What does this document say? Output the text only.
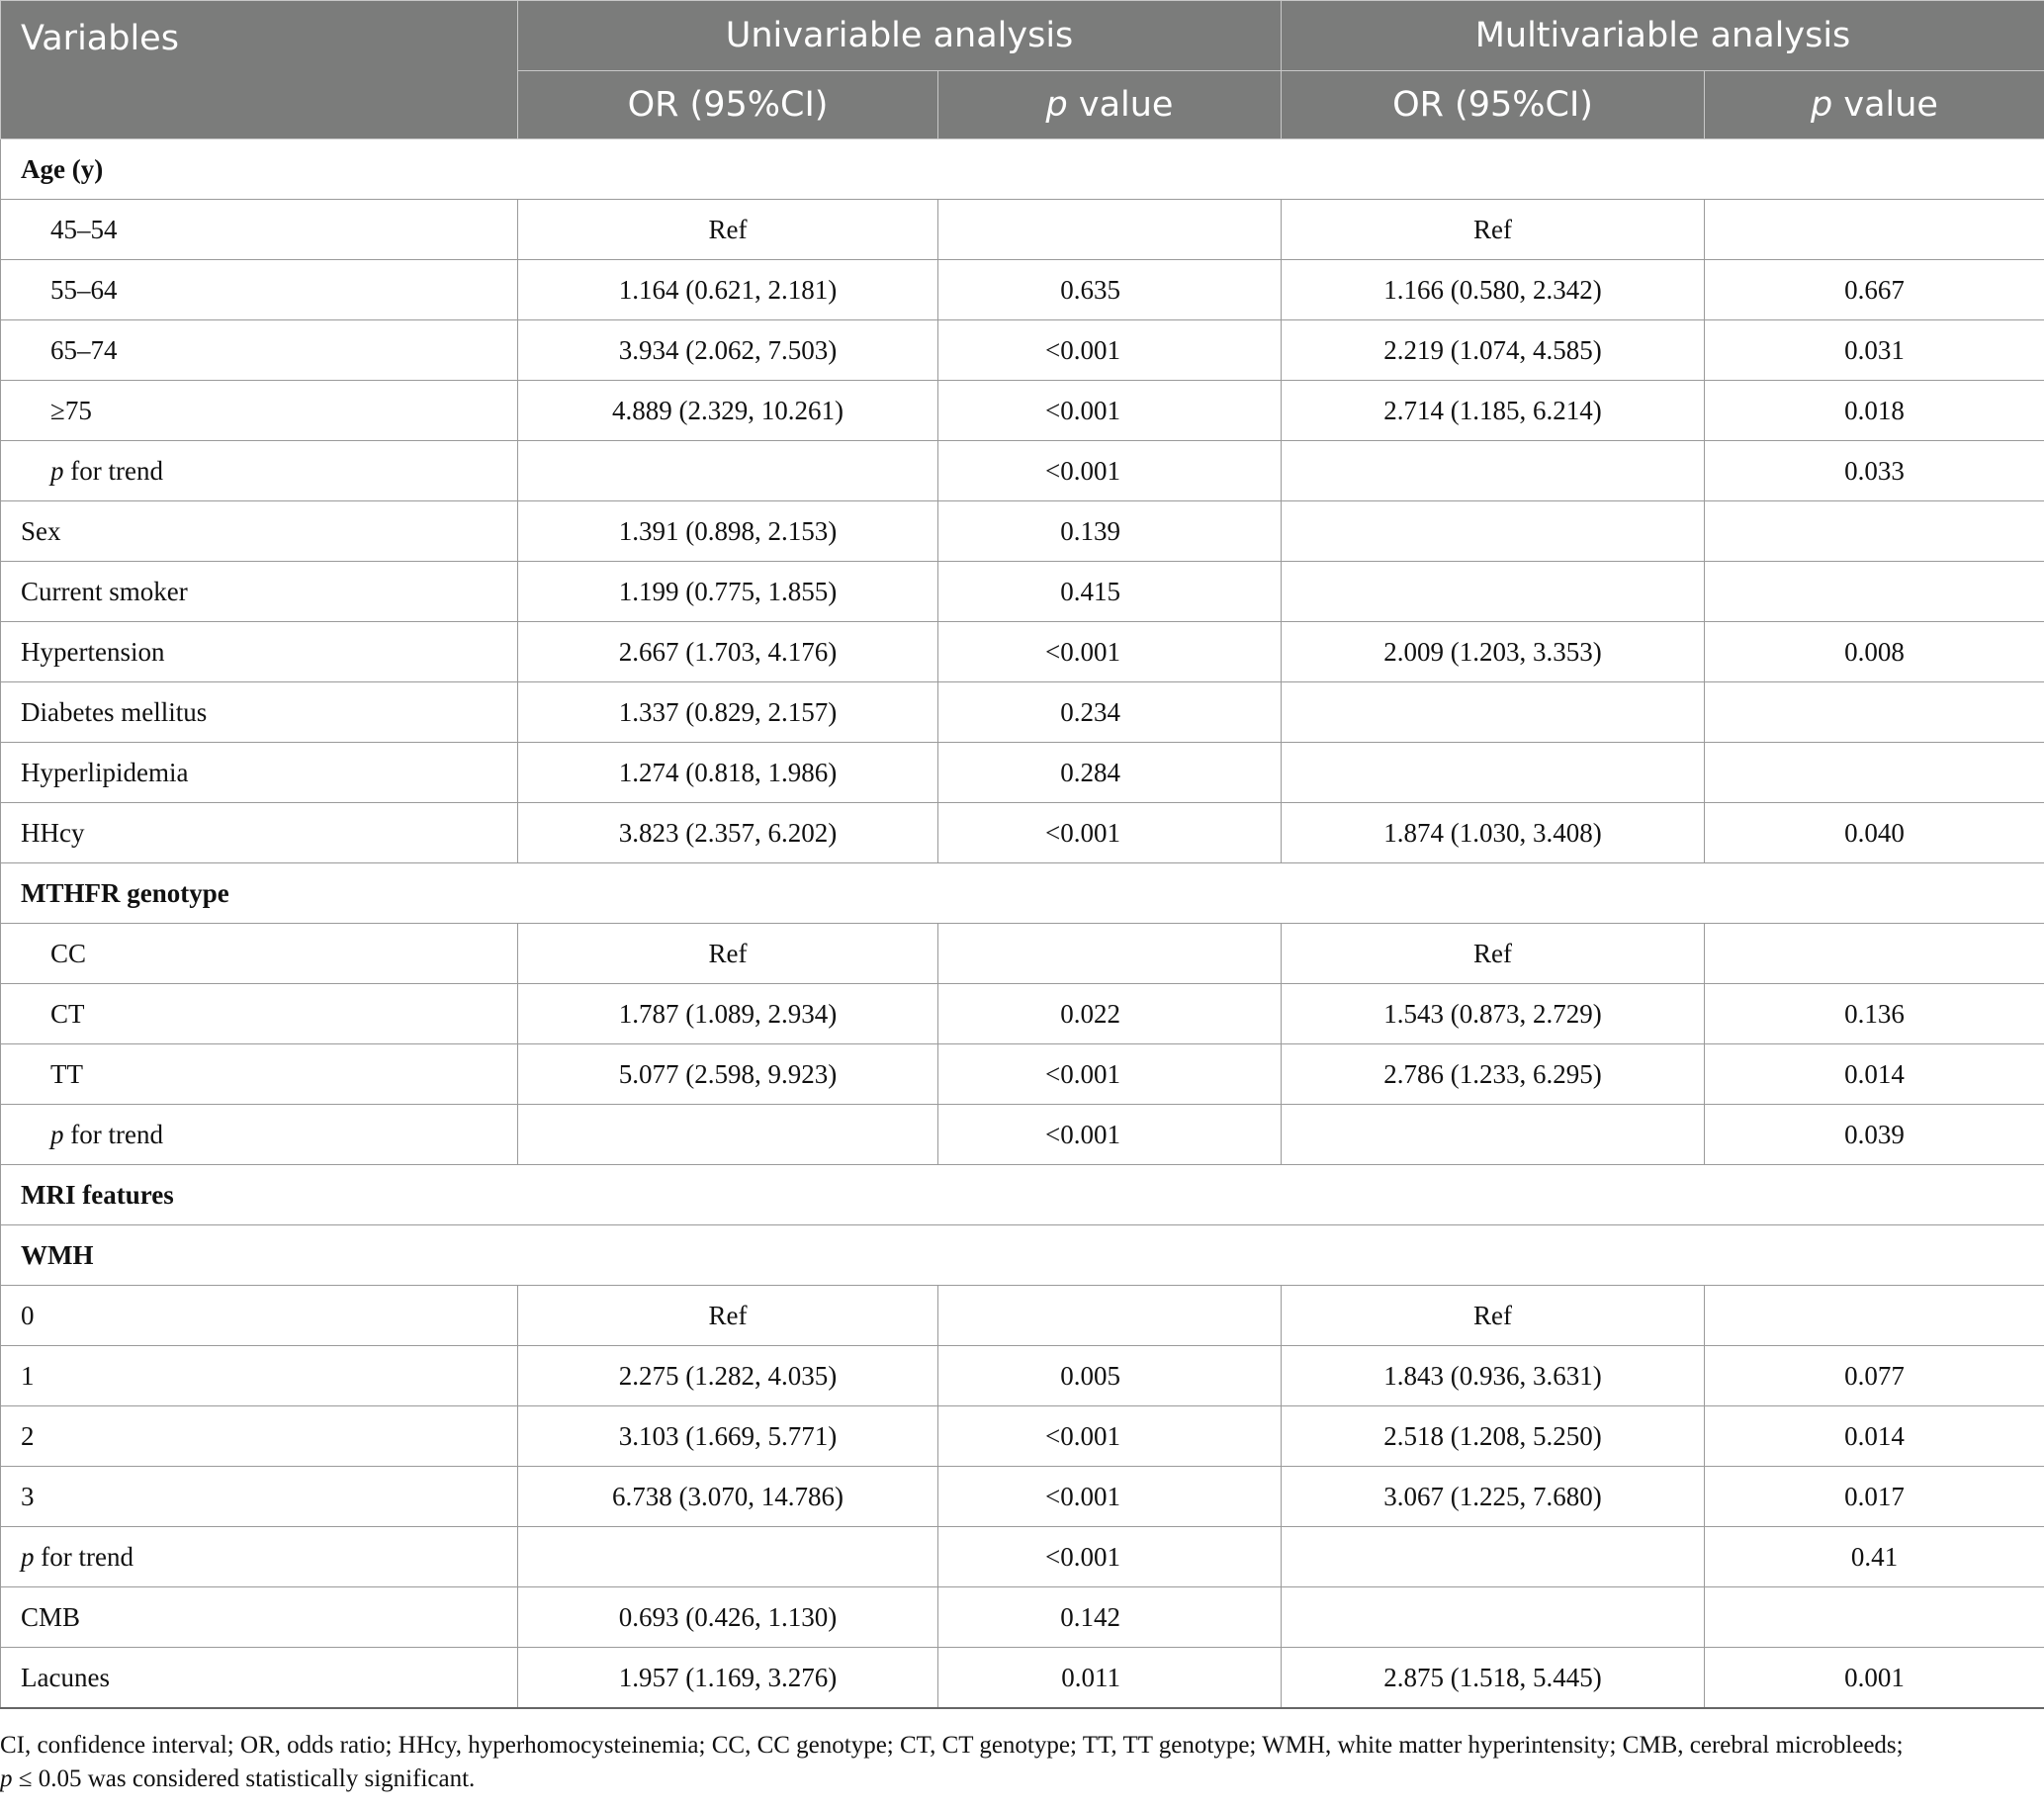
Variables	Univariable analysis		Multivariable analysis	
	OR (95%CI)	p value	OR (95%CI)	p value
Age (y)				
45–54	Ref		Ref	
55–64	1.164 (0.621, 2.181)	0.635	1.166 (0.580, 2.342)	0.667
65–74	3.934 (2.062, 7.503)	<0.001	2.219 (1.074, 4.585)	0.031
≥75	4.889 (2.329, 10.261)	<0.001	2.714 (1.185, 6.214)	0.018
p for trend		<0.001		0.033
Sex	1.391 (0.898, 2.153)	0.139		
Current smoker	1.199 (0.775, 1.855)	0.415		
Hypertension	2.667 (1.703, 4.176)	<0.001	2.009 (1.203, 3.353)	0.008
Diabetes mellitus	1.337 (0.829, 2.157)	0.234		
Hyperlipidemia	1.274 (0.818, 1.986)	0.284		
HHcy	3.823 (2.357, 6.202)	<0.001	1.874 (1.030, 3.408)	0.040
MTHFR genotype				
CC	Ref		Ref	
CT	1.787 (1.089, 2.934)	0.022	1.543 (0.873, 2.729)	0.136
TT	5.077 (2.598, 9.923)	<0.001	2.786 (1.233, 6.295)	0.014
p for trend		<0.001		0.039
MRI features				
WMH				
0	Ref		Ref	
1	2.275 (1.282, 4.035)	0.005	1.843 (0.936, 3.631)	0.077
2	3.103 (1.669, 5.771)	<0.001	2.518 (1.208, 5.250)	0.014
3	6.738 (3.070, 14.786)	<0.001	3.067 (1.225, 7.680)	0.017
p for trend		<0.001		0.41
CMB	0.693 (0.426, 1.130)	0.142		
Lacunes	1.957 (1.169, 3.276)	0.011	2.875 (1.518, 5.445)	0.001
CI, confidence interval; OR, odds ratio; HHcy, hyperhomocysteinemia; CC, CC genotype; CT, CT genotype; TT, TT genotype; WMH, white matter hyperintensity; CMB, cerebral microbleeds;
p ≤ 0.05 was considered statistically significant.
